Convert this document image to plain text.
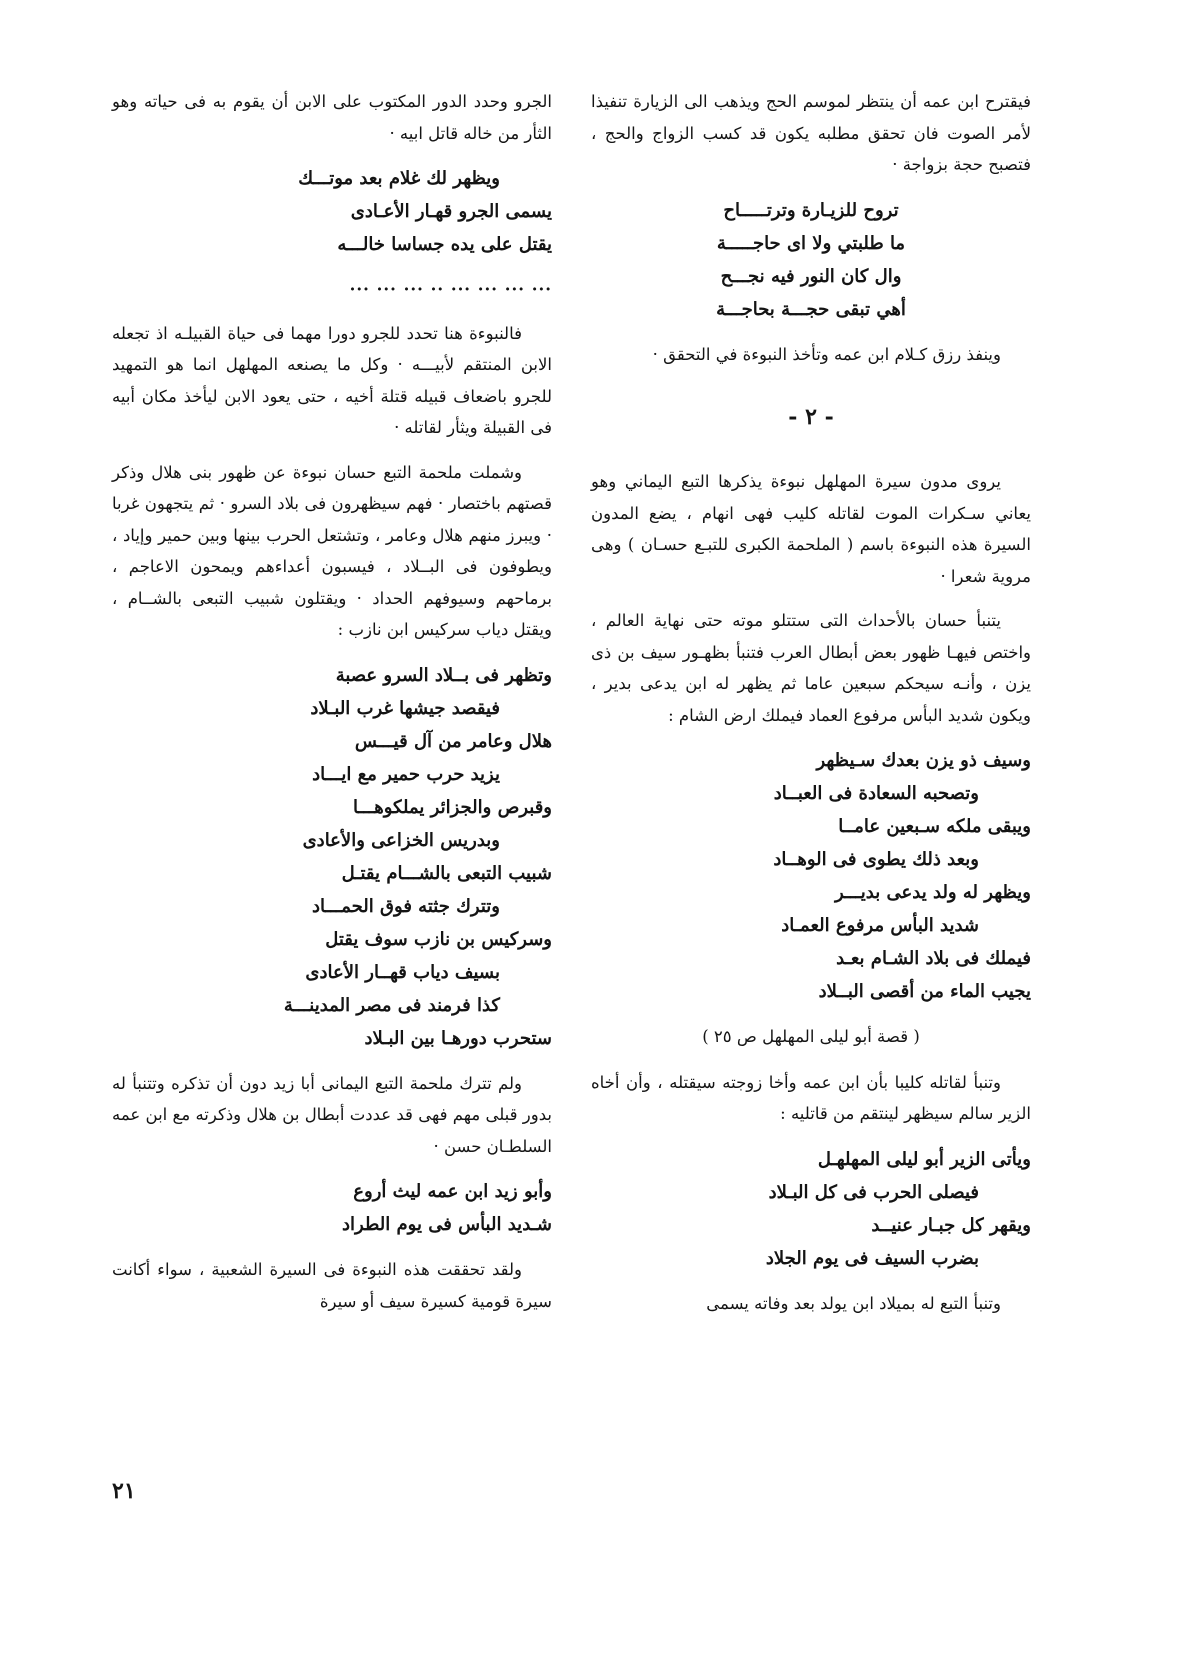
فيقترح ابن عمه أن ينتظر لموسم الحج ويذهب الى الزيارة تنفيذا لأمر الصوت فان تحقق مطلبه يكون قد كسب الزواج والحج ، فتصبح حجة بزواجة ·

تروح للزيـارة وترتـــــاح
ما طلبتي ولا اى حاجـــــة
وال كان النور فيه نجـــح
أهي تبقى حجـــة بحاجـــة

وينفذ رزق كـلام ابن عمه وتأخذ النبوءة في التحقق ·

- ٢ -

يروى مدون سيرة المهلهل نبوءة يذكرها التبع اليماني وهو يعاني سـكرات الموت لقاتله كليب فهى انهام ، يضع المدون السيرة هذه النبوءة باسم ( الملحمة الكبرى للتبـع حسـان ) وهى مروية شعرا ·

يتنبأ حسان بالأحداث التى ستتلو موته حتى نهاية العالم ، واختص فيهـا ظهور بعض أبطال العرب فتنبأ بظهـور سيف بن ذى يزن ، وأنـه سيحكم سبعين عاما ثم يظهر له ابن يدعى بدير ، ويكون شديد البأس مرفوع العماد فيملك ارض الشام :

وسيف ذو يزن بعدك سـيظهر
وتصحبه السعادة فى العبــاد
ويبقى ملكه سـبعين عامــا
وبعد ذلك يطوى فى الوهــاد
ويظهر له ولد يدعى بديـــر
شديد البأس مرفوع العمـاد
فيملك فى بلاد الشـام بعـد
يجيب الماء من أقصى البــلاد
( قصة أبو ليلى المهلهل ص ٢٥ )

وتنبأ لقاتله كليبا بأن ابن عمه وأخا زوجته سيقتله ، وأن أخاه الزير سالم سيظهر لينتقم من قاتليه :

ويأتى الزير أبو ليلى المهلهـل
فيصلى الحرب فى كل البـلاد
ويقهر كل جبـار عنيــد
بضرب السيف فى يوم الجلاد

وتنبأ التبع له بميلاد ابن يولد بعد وفاته يسمى

الجرو وحدد الدور المكتوب على الابن أن يقوم به فى حياته وهو الثأر من خاله قاتل ابيه ·

ويظهر لك غلام بعد موتـــك
يسمى الجرو قهـار الأعـادى
يقتل على يده جساسا خالـــه
··· ··· ··· ··· ·· ··· ··· ···

فالنبوءة هنا تحدد للجرو دورا مهما فى حياة القبيلـه اذ تجعله الابن المنتقم لأبيـــه · وكل ما يصنعه المهلهل انما هو التمهيد للجرو باضعاف قبيله قتلة أخيه ، حتى يعود الابن ليأخذ مكان أبيه فى القبيلة ويثأر لقاتله ·

وشملت ملحمة التبع حسان نبوءة عن ظهور بنى هلال وذكر قصتهم باختصار · فهم سيظهرون فى بلاد السرو · ثم يتجهون غربا · ويبرز منهم هلال وعامر ، وتشتعل الحرب بينها وبين حمير وإياد ، ويطوفون فى البــلاد ، فيسبون أعداءهم ويمحون الاعاجم ، برماحهم وسيوفهم الحداد · ويقتلون شبيب التبعى بالشــام ، ويقتل دياب سركيس ابن نازب :

وتظهر فى بــلاد السرو عصبة
فيقصد جيشها غرب البـلاد
هلال وعامر من آل قيـــس
يزيد حرب حمير مع ايـــاد
وقبرص والجزائر يملكوهـــا
وبدريس الخزاعى والأعادى
شبيب التبعى بالشـــام يقتـل
وتترك جثته فوق الحمـــاد
وسركيس بن نازب سوف يقتل
بسيف دياب قهــار الأعادى
كذا فرمند فى مصر المدينـــة
ستحرب دورهـا بين البـلاد

ولم تترك ملحمة التبع اليمانى أبا زيد دون أن تذكره وتتنبأ له بدور قبلى مهم فهى قد عددت أبطال بن هلال وذكرته مع ابن عمه السلطـان حسن ·

وأبو زيد ابن عمه ليث أروع
شـديد البأس فى يوم الطراد

ولقد تحققت هذه النبوءة فى السيرة الشعبية ، سواء أكانت سيرة قومية كسيرة سيف أو سيرة

٢١
